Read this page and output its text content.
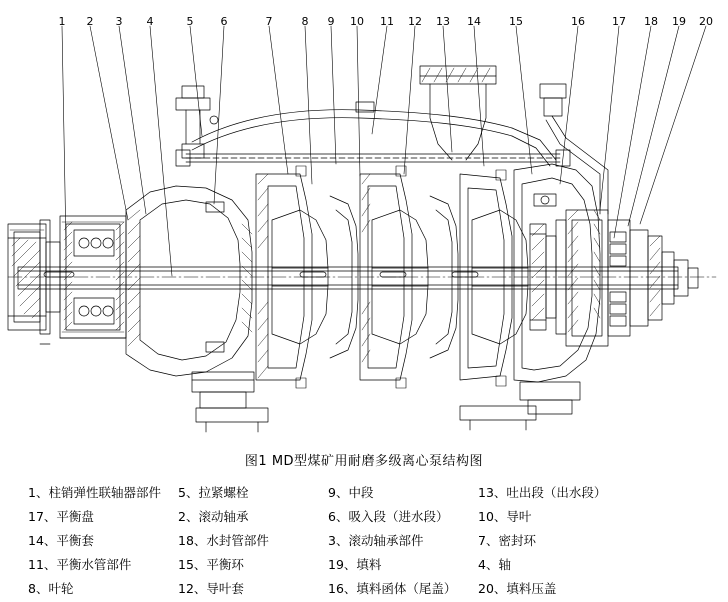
1 2 3 4	5 6	7	8 9 10 11 12 13 14	15	16 17 18 19 20
图1 MD型煤矿用耐磨多级离心泵结构图
1、柱销弹性联轴器部件	5、拉紧螺栓	9、中段	13、吐出段（出水段）
17、平衡盘	2、滚动轴承	6、吸入段（进水段）	10、导叶
14、平衡套	18、水封管部件	3、滚动轴承部件	7、密封环
11、平衡水管部件	15、平衡环	19、填料	4、轴
8、叶轮	12、导叶套	16、填料函体（尾盖）	20、填料压盖
